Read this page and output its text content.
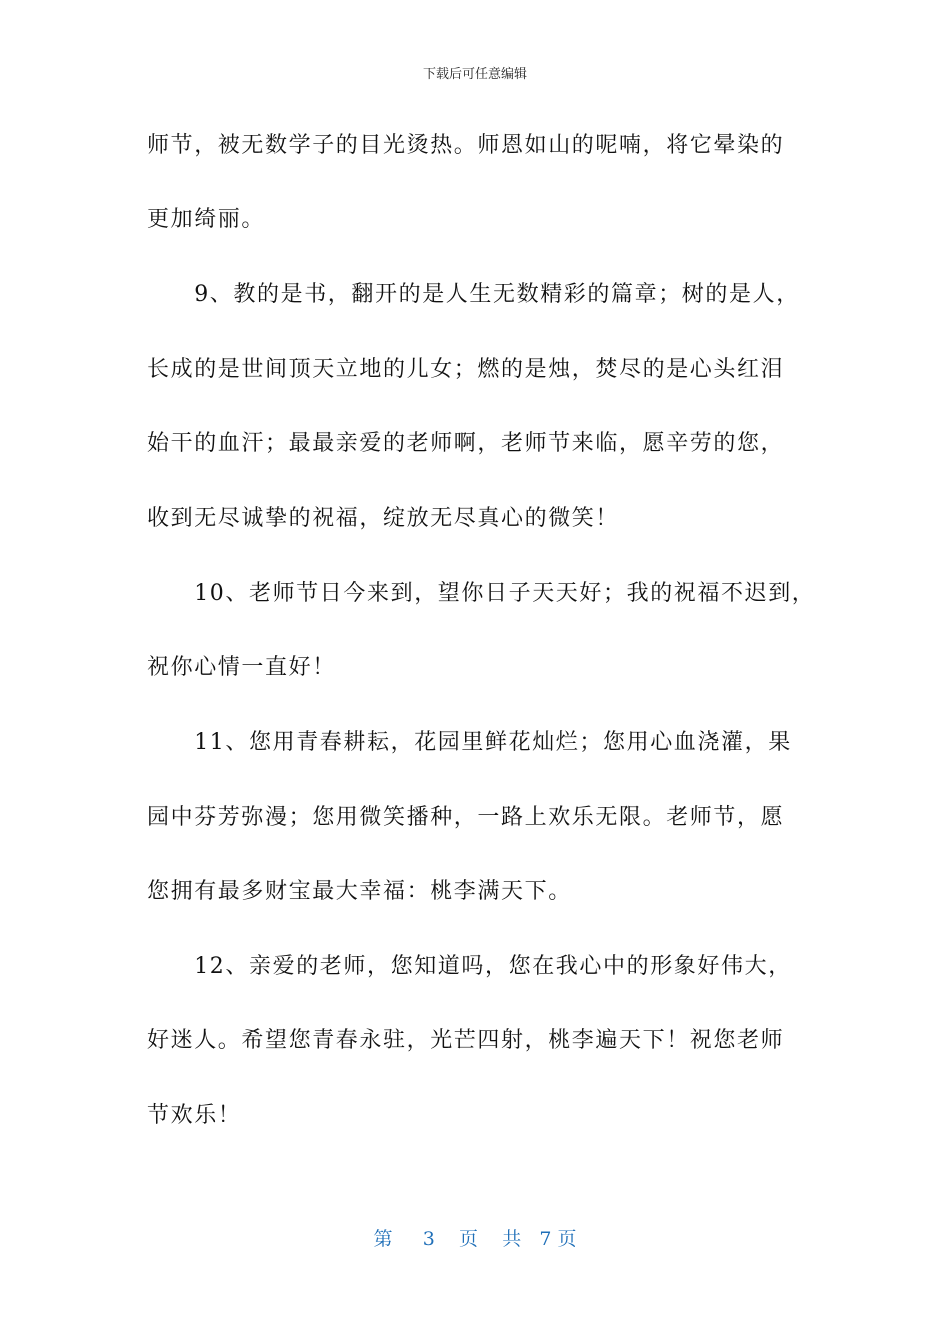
下载后可任意编辑
师节，被无数学子的目光烫热。师恩如山的呢喃，将它晕染的
更加绮丽。
　　9、教的是书，翻开的是人生无数精彩的篇章；树的是人，
长成的是世间顶天立地的儿女；燃的是烛，焚尽的是心头红泪
始干的血汗；最最亲爱的老师啊，老师节来临，愿辛劳的您，
收到无尽诚挚的祝福，绽放无尽真心的微笑！
　　10、老师节日今来到，望你日子天天好；我的祝福不迟到，
祝你心情一直好！
　　11、您用青春耕耘，花园里鲜花灿烂；您用心血浇灌，果
园中芬芳弥漫；您用微笑播种，一路上欢乐无限。老师节，愿
您拥有最多财宝最大幸福：桃李满天下。
　　12、亲爱的老师，您知道吗，您在我心中的形象好伟大，
好迷人。希望您青春永驻，光芒四射，桃李遍天下！祝您老师
节欢乐！
第 3 页 共 7 页
